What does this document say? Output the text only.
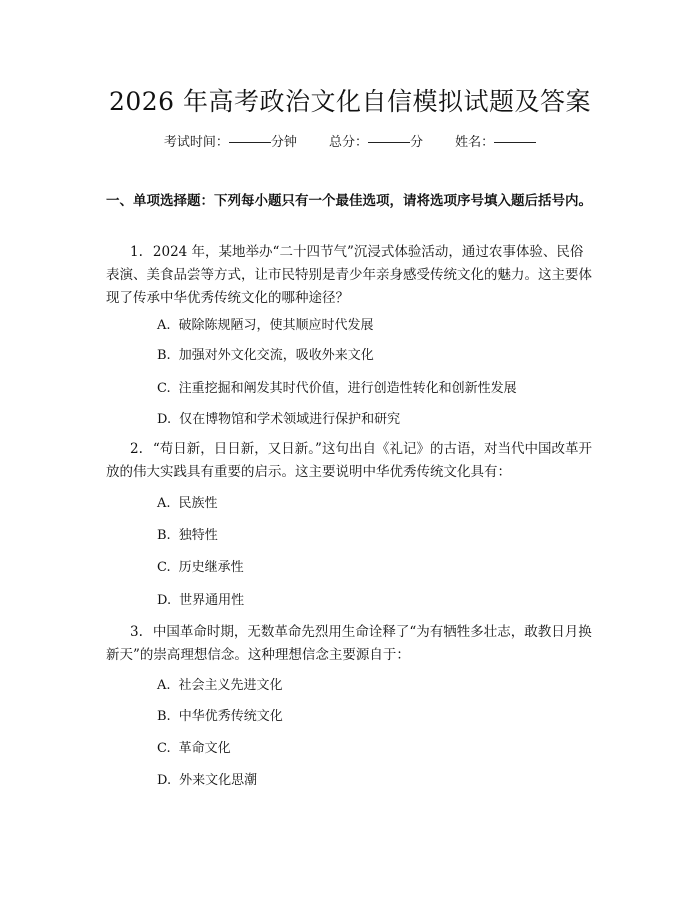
2026 年高考政治文化自信模拟试题及答案
考试时间：	分钟 总分：	分 姓名：
一、单项选择题：下列每小题只有一个最佳选项，请将选项序号填入题后括号内。
1. 2024 年，某地举办“二十四节气”沉浸式体验活动，通过农事体验、民俗表演、美食品尝等方式，让市民特别是青少年亲身感受传统文化的魅力。这主要体现了传承中华优秀传统文化的哪种途径？
A. 破除陈规陋习，使其顺应时代发展
B. 加强对外文化交流，吸收外来文化
C. 注重挖掘和阐发其时代价值，进行创造性转化和创新性发展
D. 仅在博物馆和学术领域进行保护和研究
2. “苟日新，日日新，又日新。”这句出自《礼记》的古语，对当代中国改革开放的伟大实践具有重要的启示。这主要说明中华优秀传统文化具有：
A. 民族性
B. 独特性
C. 历史继承性
D. 世界通用性
3. 中国革命时期，无数革命先烈用生命诠释了“为有牺牲多壮志，敢教日月换新天”的崇高理想信念。这种理想信念主要源自于：
A. 社会主义先进文化
B. 中华优秀传统文化
C. 革命文化
D. 外来文化思潮
